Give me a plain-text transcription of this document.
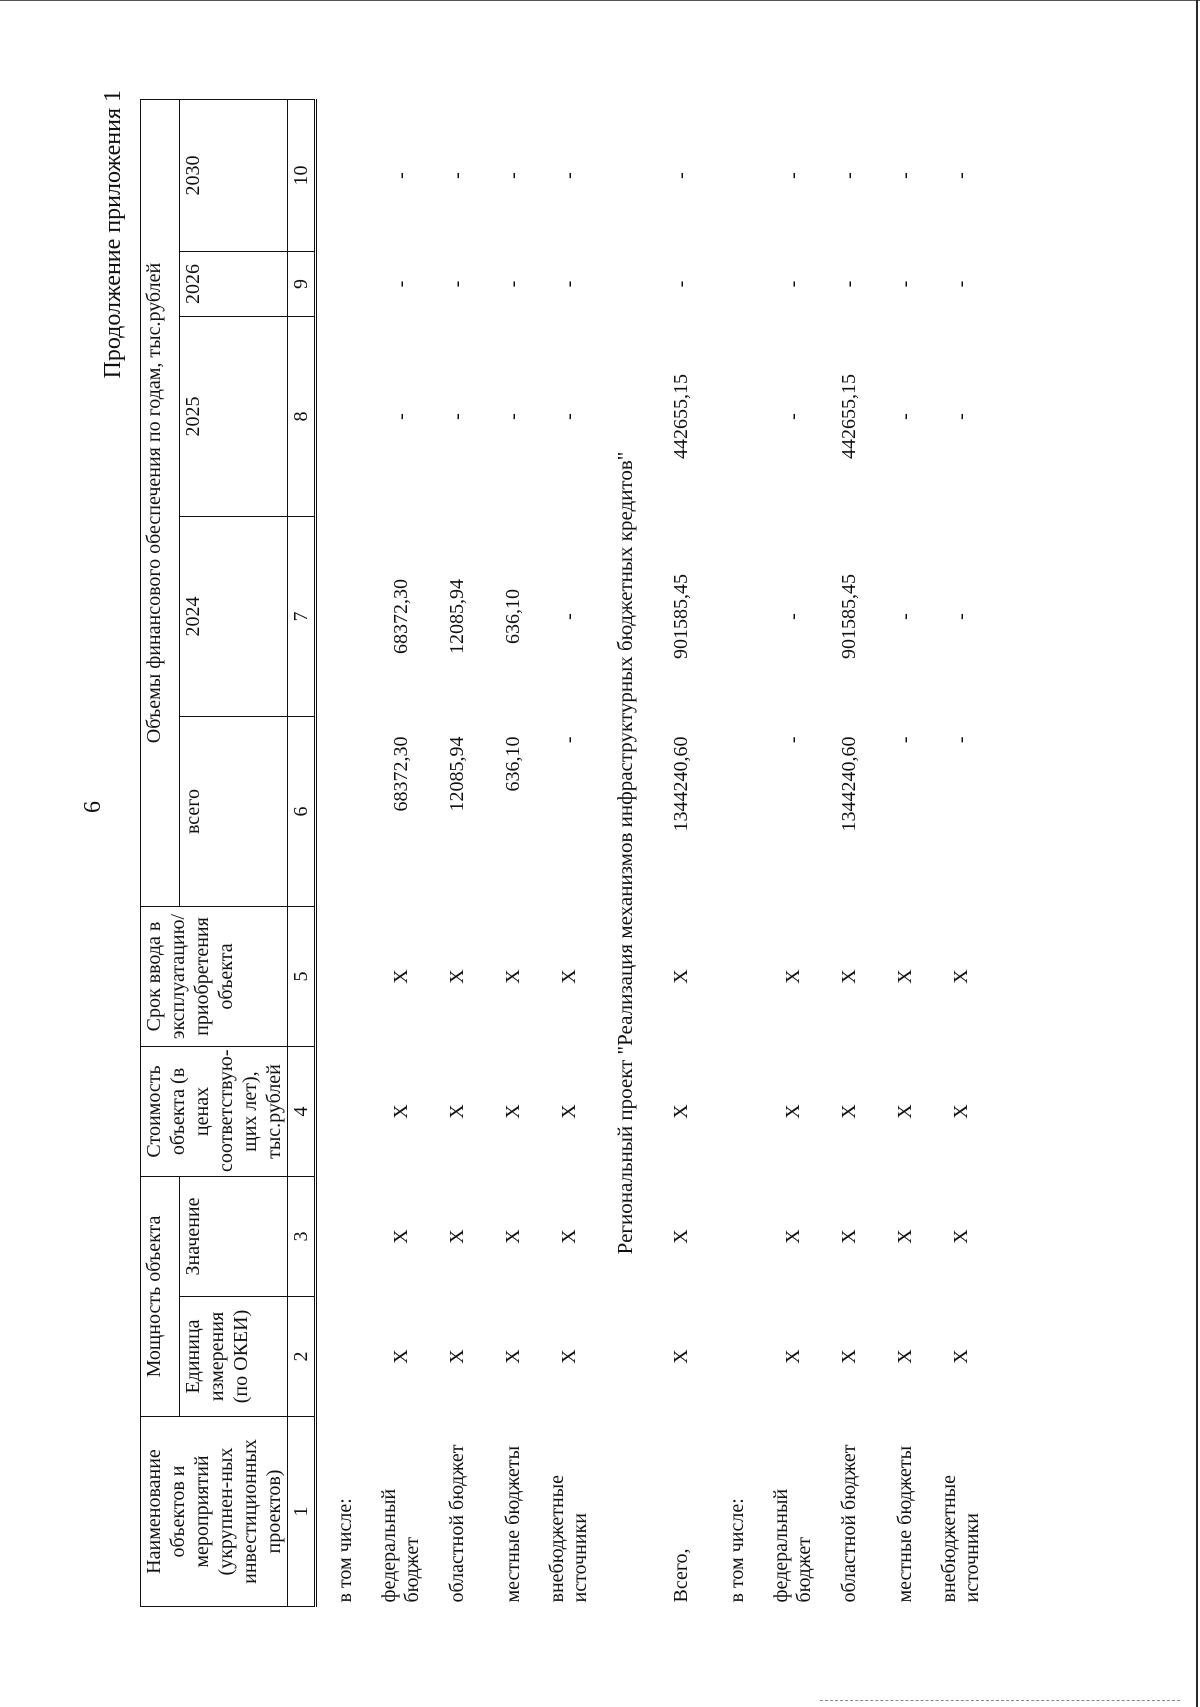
6
Продолжение приложения 1
Наименование объектов и мероприятий (укрупнен-ных инвестиционных проектов)	Мощность объекта		Стоимость объекта (в ценах соответствую-щих лет), тыс.рублей	Срок ввода в эксплуатацию/ приобретения объекта	Объемы финансового обеспечения по годам, тыс.рублей				
	Единица измерения (по ОКЕИ)	Значение			всего	2024	2025	2026	2030
1	2	3	4	5	6	7	8	9	10
в том числе:									
федеральный бюджет	X	X	X	X	68372,30	68372,30	-	-	-
областной бюджет	X	X	X	X	12085,94	12085,94	-	-	-
местные бюджеты	X	X	X	X	636,10	636,10	-	-	-
внебюджетные источники	X	X	X	X	-	-	-	-	-
Региональный проект "Реализация механизмов инфраструктурных бюджетных кредитов"									
Всего,	X	X	X	X	1344240,60	901585,45	442655,15	-	-
в том числе:									
федеральный бюджет	X	X	X	X	-	-	-	-	-
областной бюджет	X	X	X	X	1344240,60	901585,45	442655,15	-	-
местные бюджеты	X	X	X	X	-	-	-	-	-
внебюджетные источники	X	X	X	X	-	-	-	-	-
